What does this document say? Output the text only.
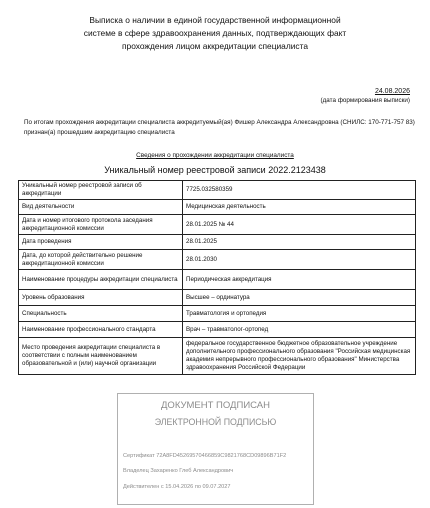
Выписка о наличии в единой государственной информационной
системе в сфере здравоохранения данных, подтверждающих факт
прохождения лицом аккредитации специалиста
24.08.2026
(дата формирования выписки)
По итогам прохождения аккредитации специалиста аккредитуемый(ая) Фишер Александра Александровна (СНИЛС: 170-771-757 83) признан(а) прошедшим аккредитацию специалиста
Сведения о прохождении аккредитации специалиста
Уникальный номер реестровой записи 2022.2123438
Уникальный номер реестровой записи об аккредитации	7725.032580359
Вид деятельности	Медицинская деятельность
Дата и номер итогового протокола заседания аккредитационной комиссии	28.01.2025 № 44
Дата проведения	28.01.2025
Дата, до которой действительно решение аккредитационной комиссии	28.01.2030
Наименование процедуры аккредитации специалиста	Периодическая аккредитация
Уровень образования	Высшее – ординатура
Специальность	Травматология и ортопедия
Наименование профессионального стандарта	Врач – травматолог-ортопед
Место проведения аккредитации специалиста в соответствии с полным наименованием образовательной и (или) научной организации	федеральное государственное бюджетное образовательное учреждение дополнительного профессионального образования "Российская медицинская академия непрерывного профессионального образования" Министерства здравоохранения Российской Федерации
ДОКУМЕНТ ПОДПИСАН
ЭЛЕКТРОННОЙ ПОДПИСЬЮ
Сертификат 72A8FD45269570466859C9821768CD09896B71F2
Владелец Захаренко Глеб Александрович
Действителен с 15.04.2026 по 09.07.2027
